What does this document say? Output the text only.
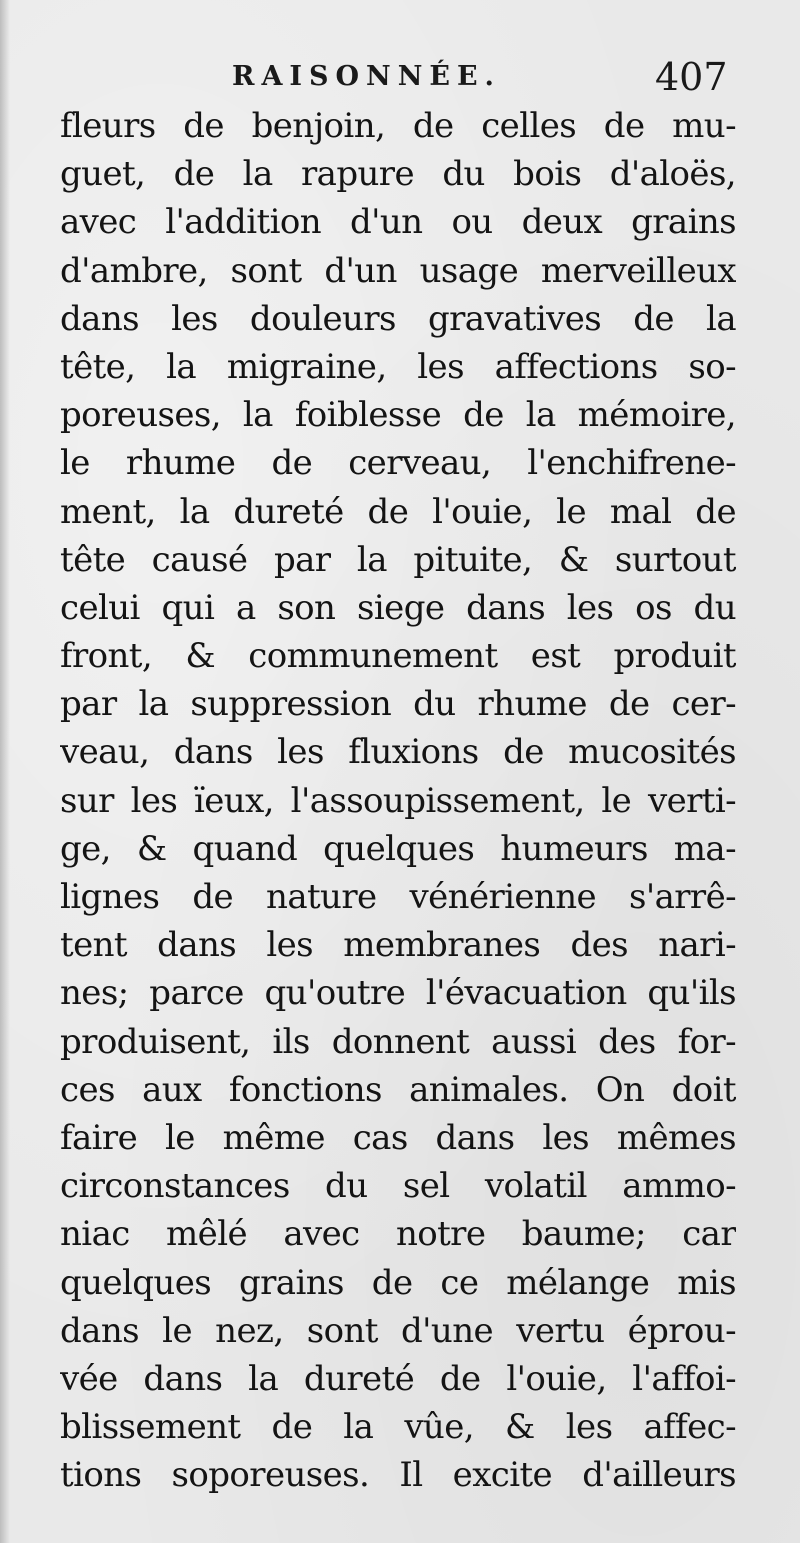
RAISONNÉE.	407
fleurs de benjoin, de celles de mu-
guet, de la rapure du bois d'aloës,
avec l'addition d'un ou deux grains
d'ambre, sont d'un usage merveilleux
dans les douleurs gravatives de la
tête, la migraine, les affections so-
poreuses, la foiblesse de la mémoire,
le rhume de cerveau, l'enchifrene-
ment, la dureté de l'ouie, le mal de
tête causé par la pituite, & surtout
celui qui a son siege dans les os du
front, & communement est produit
par la suppression du rhume de cer-
veau, dans les fluxions de mucosités
sur les ïeux, l'assoupissement, le verti-
ge, & quand quelques humeurs ma-
lignes de nature vénérienne s'arrê-
tent dans les membranes des nari-
nes; parce qu'outre l'évacuation qu'ils
produisent, ils donnent aussi des for-
ces aux fonctions animales. On doit
faire le même cas dans les mêmes
circonstances du sel volatil ammo-
niac mêlé avec notre baume; car
quelques grains de ce mélange mis
dans le nez, sont d'une vertu éprou-
vée dans la dureté de l'ouie, l'affoi-
blissement de la vûe, & les affec-
tions soporeuses. Il excite d'ailleurs
